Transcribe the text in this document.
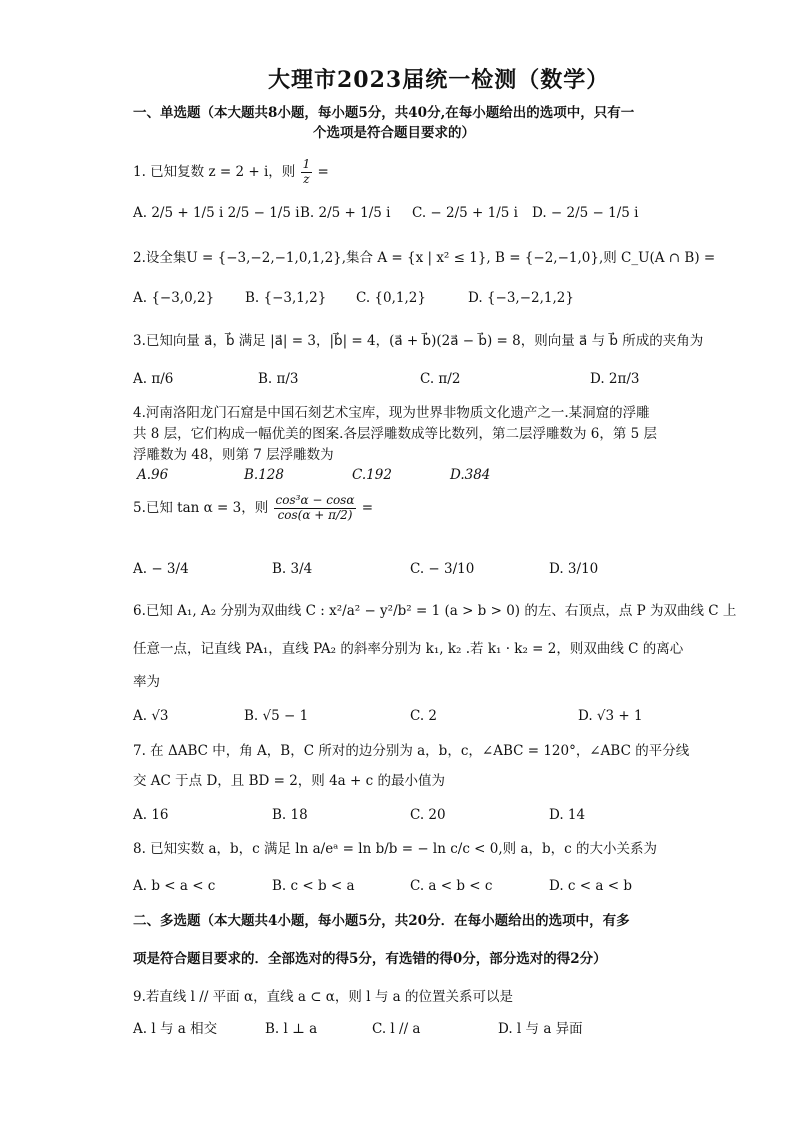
大理市2023届统一检测（数学）
一、单选题（本大题共8小题，每小题5分，共40分,在每小题给出的选项中，只有一
个选项是符合题目要求的）
1. 已知复数 z = 2 + i，则 $\frac{1}{z}$ =
A. 2/5 + 1/5 i 2/5 − 1/5 i B. 2/5 + 1/5 i C. − 2/5 + 1/5 i D. − 2/5 − 1/5 i
2.设全集U = {−3,−2,−1,0,1,2},集合 A = {x | x² ≤ 1}, B = {−2,−1,0},则 C_U(A ∩ B) =
A. {−3,0,2} B. {−3,1,2} C. {0,1,2}	D. {−3,−2,1,2}
3.已知向量 a⃗，b⃗ 满足 |a⃗| = 3，|b⃗| = 4，(a⃗ + b⃗)(2a⃗ − b⃗) = 8，则向量 a⃗ 与 b⃗ 所成的夹角为
A. π/6	B. π/3	C. π/2	D. 2π/3
4.河南洛阳龙门石窟是中国石刻艺术宝库，现为世界非物质文化遗产之一.某洞窟的浮雕
共 8 层，它们构成一幅优美的图案.各层浮雕数成等比数列，第二层浮雕数为 6，第 5 层
浮雕数为 48，则第 7 层浮雕数为
A.96	B.128	C.192	D.384
5.已知 tan α = 3，则 $\frac{\text{cos³α − cosα}}{\cos(\alpha + \pi/2)}$ =
A. − 3/4	B. 3/4	C. − 3/10	D. 3/10
6.已知 A₁, A₂ 分别为双曲线 C : x²/a² − y²/b² = 1 (a > b > 0) 的左、右顶点，点 P 为双曲线 C 上
任意一点，记直线 PA₁，直线 PA₂ 的斜率分别为 k₁, k₂ .若 k₁ · k₂ = 2，则双曲线 C 的离心
率为
A. √3	B. √5 − 1	C. 2	D. √3 + 1
7. 在 ΔABC 中，角 A，B，C 所对的边分别为 a，b，c，∠ABC = 120°，∠ABC 的平分线
交 AC 于点 D，且 BD = 2，则 4a + c 的最小值为
A. 16	B. 18	C. 20	D. 14
8. 已知实数 a，b，c 满足 ln a/eᵃ = ln b/b = − ln c/c < 0,则 a，b，c 的大小关系为
A. b < a < c	B. c < b < a	C. a < b < c	D. c < a < b
二、多选题（本大题共4小题，每小题5分，共20分．在每小题给出的选项中，有多
项是符合题目要求的．全部选对的得5分，有选错的得0分，部分选对的得2分）
9.若直线 l // 平面 α，直线 a ⊂ α，则 l 与 a 的位置关系可以是
A. l 与 a 相交	B. l ⊥ a	C. l // a	D. l 与 a 异面
